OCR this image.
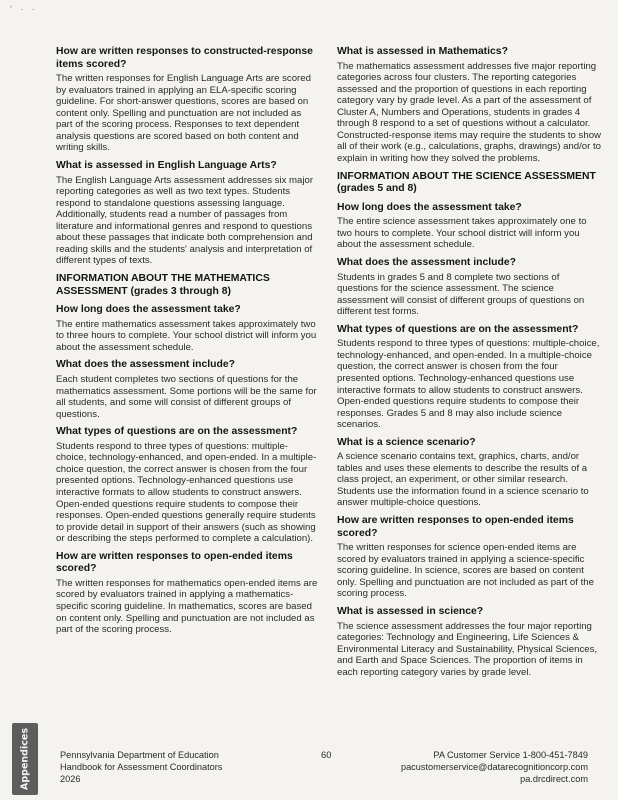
' · ·
How are written responses to constructed-response items scored?

The written responses for English Language Arts are scored by evaluators trained in applying an ELA-specific scoring guideline. For short-answer questions, scores are based on content only. Spelling and punctuation are not included as part of the scoring process. Responses to text dependent analysis questions are scored based on both content and writing skills.

What is assessed in English Language Arts?

The English Language Arts assessment addresses six major reporting categories as well as two text types. Students respond to standalone questions assessing language. Additionally, students read a number of passages from literature and informational genres and respond to questions about these passages that indicate both comprehension and reading skills and the students' analysis and interpretation of different types of texts.

INFORMATION ABOUT THE MATHEMATICS ASSESSMENT (grades 3 through 8)
How long does the assessment take?

The entire mathematics assessment takes approximately two to three hours to complete. Your school district will inform you about the assessment schedule.

What does the assessment include?

Each student completes two sections of questions for the mathematics assessment. Some portions will be the same for all students, and some will consist of different groups of questions.

What types of questions are on the assessment?

Students respond to three types of questions: multiple-choice, technology-enhanced, and open-ended. In a multiple-choice question, the correct answer is chosen from the four presented options. Technology-enhanced questions use interactive formats to allow students to construct answers. Open-ended questions require students to compose their responses. Open-ended questions generally require students to provide detail in support of their answers (such as showing or describing the steps performed to complete a calculation).

How are written responses to open-ended items scored?

The written responses for mathematics open-ended items are scored by evaluators trained in applying a mathematics-specific scoring guideline. In mathematics, scores are based on content only. Spelling and punctuation are not included as part of the scoring process.

What is assessed in Mathematics?

The mathematics assessment addresses five major reporting categories across four clusters. The reporting categories assessed and the proportion of questions in each reporting category vary by grade level. As a part of the assessment of Cluster A, Numbers and Operations, students in grades 4 through 8 respond to a set of questions without a calculator. Constructed-response items may require the students to show all of their work (e.g., calculations, graphs, drawings) and/or to explain in writing how they solved the problems.

INFORMATION ABOUT THE SCIENCE ASSESSMENT (grades 5 and 8)
How long does the assessment take?

The entire science assessment takes approximately one to two hours to complete. Your school district will inform you about the assessment schedule.

What does the assessment include?

Students in grades 5 and 8 complete two sections of questions for the science assessment. The science assessment will consist of different groups of questions on different test forms.

What types of questions are on the assessment?

Students respond to three types of questions: multiple-choice, technology-enhanced, and open-ended. In a multiple-choice question, the correct answer is chosen from the four presented options. Technology-enhanced questions use interactive formats to allow students to construct answers. Open-ended questions require students to compose their responses. Grades 5 and 8 may also include science scenarios.

What is a science scenario?

A science scenario contains text, graphics, charts, and/or tables and uses these elements to describe the results of a class project, an experiment, or other similar research. Students use the information found in a science scenario to answer multiple-choice questions.

How are written responses to open-ended items scored?

The written responses for science open-ended items are scored by evaluators trained in applying a science-specific scoring guideline. In science, scores are based on content only. Spelling and punctuation are not included as part of the scoring process.

What is assessed in science?

The science assessment addresses the four major reporting categories: Technology and Engineering, Life Sciences & Environmental Literacy and Sustainability, Physical Sciences, and Earth and Space Sciences. The proportion of items in each reporting category varies by grade level.

Appendices	Pennsylvania Department of Education
Handbook for Assessment Coordinators
2026
60	PA Customer Service 1-800-451-7849
pacustomerservice@datarecognitioncorp.com
pa.drcdirect.com
